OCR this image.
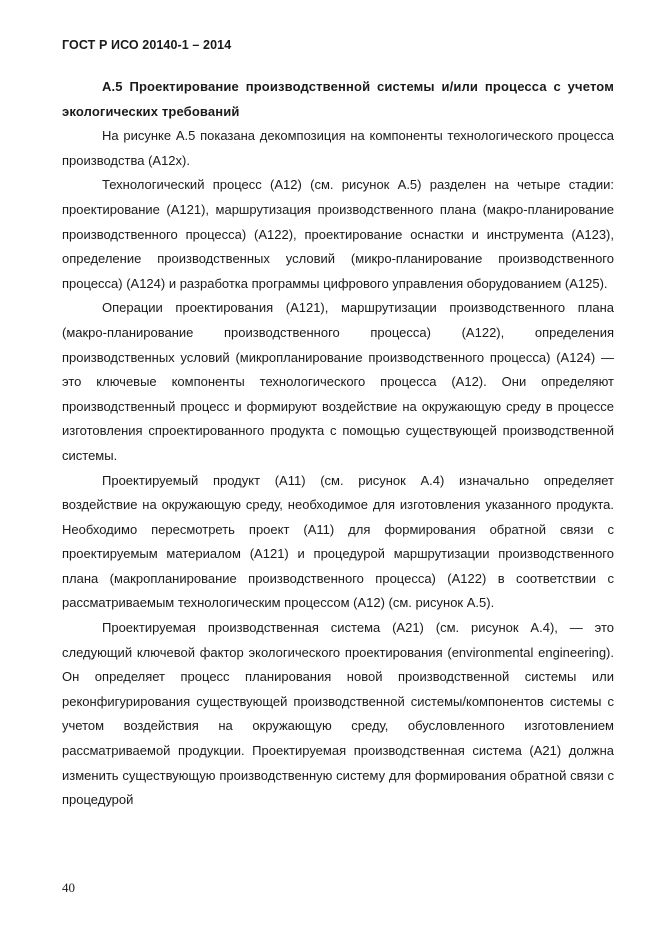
ГОСТ Р ИСО 20140-1 – 2014

А.5 Проектирование производственной системы и/или процесса с учетом экологических требований

На рисунке А.5 показана декомпозиция на компоненты технологического процесса производства (А12х).

Технологический процесс (А12) (см. рисунок А.5) разделен на четыре стадии: проектирование (А121), маршрутизация производственного плана (макро-планирование производственного процесса) (А122), проектирование оснастки и инструмента (А123), определение производственных условий (микро-планирование производственного процесса) (А124) и разработка программы цифрового управления оборудованием (А125).

Операции проектирования (А121), маршрутизации производственного плана (макро-планирование производственного процесса) (А122), определения производственных условий (микропланирование производственного процесса) (А124) — это ключевые компоненты технологического процесса (А12). Они определяют производственный процесс и формируют воздействие на окружающую среду в процессе изготовления спроектированного продукта с помощью существующей производственной системы.

Проектируемый продукт (А11) (см. рисунок А.4) изначально определяет воздействие на окружающую среду, необходимое для изготовления указанного продукта. Необходимо пересмотреть проект (А11) для формирования обратной связи с проектируемым материалом (А121) и процедурой маршрутизации производственного плана (макропланирование производственного процесса) (А122) в соответствии с рассматриваемым технологическим процессом (А12) (см. рисунок А.5).

Проектируемая производственная система (А21) (см. рисунок А.4), — это следующий ключевой фактор экологического проектирования (environmental engineering). Он определяет процесс планирования новой производственной системы или реконфигурирования существующей производственной системы/компонентов системы с учетом воздействия на окружающую среду, обусловленного изготовлением рассматриваемой продукции. Проектируемая производственная система (А21) должна изменить существующую производственную систему для формирования обратной связи с процедурой

40
